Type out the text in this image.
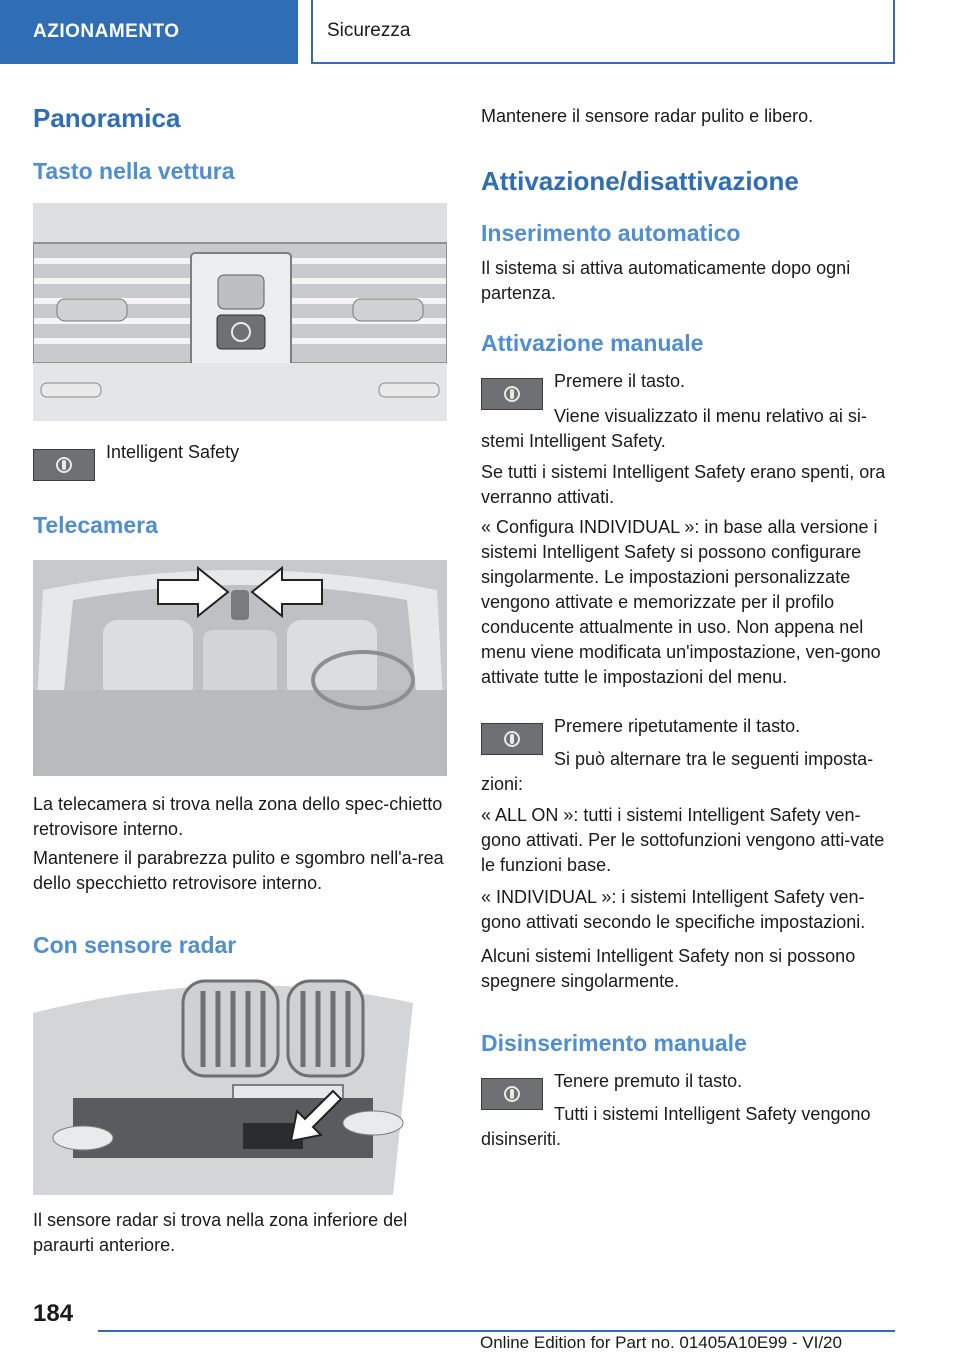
AZIONAMENTO	Sicurezza
Panoramica
Tasto nella vettura

Intelligent Safety

Telecamera

La telecamera si trova nella zona dello spec-chietto retrovisore interno.

Mantenere il parabrezza pulito e sgombro nell'a-rea dello specchietto retrovisore interno.

Con sensore radar

Il sensore radar si trova nella zona inferiore del paraurti anteriore.

Mantenere il sensore radar pulito e libero.

Attivazione/disattivazione
Inserimento automatico

Il sistema si attiva automaticamente dopo ogni partenza.

Attivazione manuale

Premere il tasto.

Viene visualizzato il menu relativo ai si-stemi Intelligent Safety.

Se tutti i sistemi Intelligent Safety erano spenti, ora verranno attivati.

« Configura INDIVIDUAL »: in base alla versione i sistemi Intelligent Safety si possono configurare singolarmente. Le impostazioni personalizzate vengono attivate e memorizzate per il profilo conducente attualmente in uso. Non appena nel menu viene modificata un'impostazione, ven-gono attivate tutte le impostazioni del menu.

Premere ripetutamente il tasto.

Si può alternare tra le seguenti imposta-zioni:

« ALL ON »: tutti i sistemi Intelligent Safety ven-gono attivati. Per le sottofunzioni vengono atti-vate le funzioni base.

« INDIVIDUAL »: i sistemi Intelligent Safety ven-gono attivati secondo le specifiche impostazioni.

Alcuni sistemi Intelligent Safety non si possono spegnere singolarmente.

Disinserimento manuale

Tenere premuto il tasto.

Tutti i sistemi Intelligent Safety vengono disinseriti.

184
Online Edition for Part no. 01405A10E99 - VI/20
